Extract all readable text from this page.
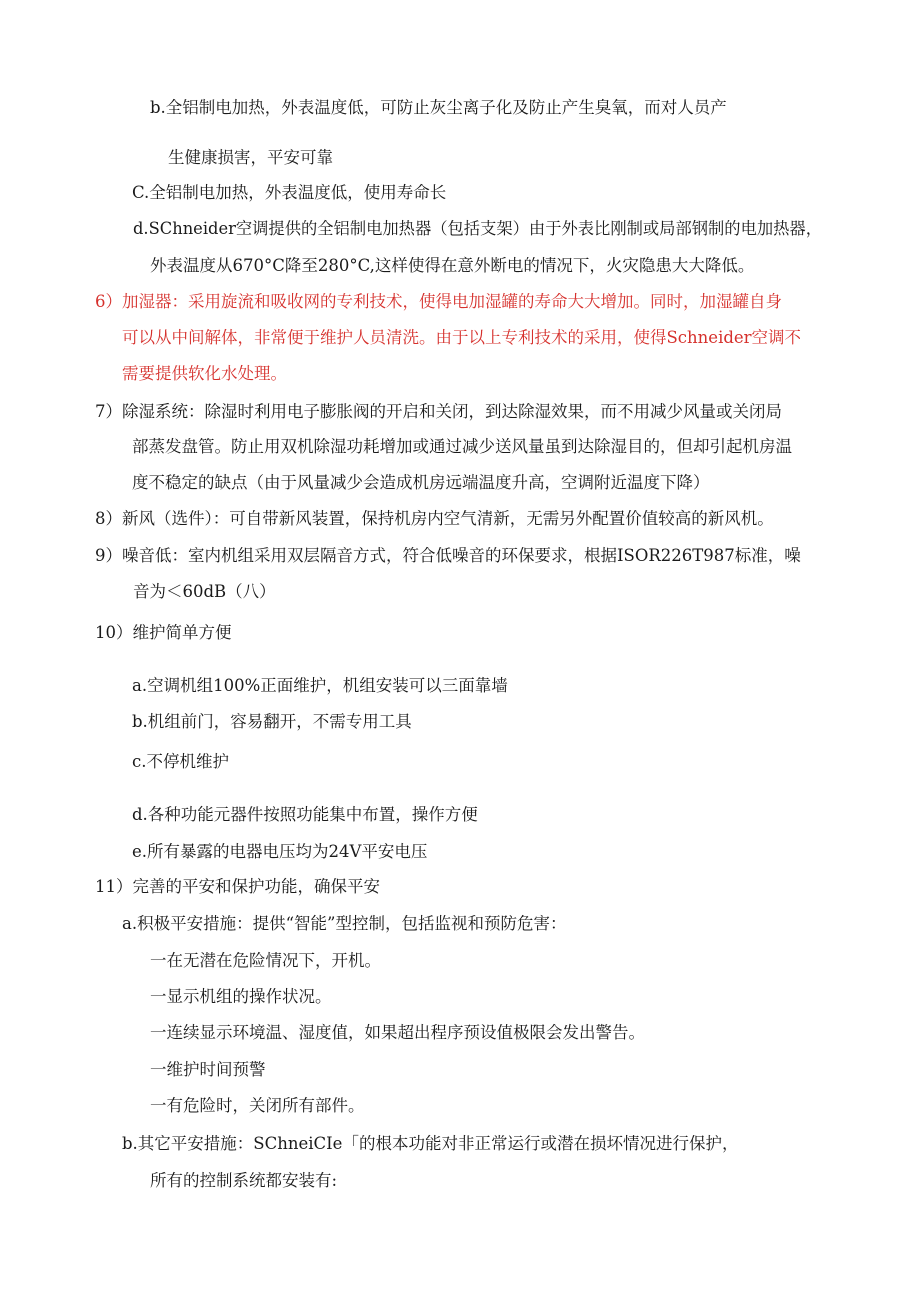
b.全铝制电加热，外表温度低，可防止灰尘离子化及防止产生臭氧，而对人员产
生健康损害，平安可靠
C.全铝制电加热，外表温度低，使用寿命长
d.SChneider空调提供的全铝制电加热器（包括支架）由于外表比刚制或局部钢制的电加热器，
外表温度从670°C降至280°C,这样使得在意外断电的情况下，火灾隐患大大降低。
6）加湿器：采用旋流和吸收网的专利技术，使得电加湿罐的寿命大大增加。同时，加湿罐自身
可以从中间解体，非常便于维护人员清洗。由于以上专利技术的采用，使得Schneider空调不
需要提供软化水处理。
7）除湿系统：除湿时利用电子膨胀阀的开启和关闭，到达除湿效果，而不用减少风量或关闭局
部蒸发盘管。防止用双机除湿功耗增加或通过减少送风量虽到达除湿目的，但却引起机房温
度不稳定的缺点（由于风量减少会造成机房远端温度升高，空调附近温度下降）
8）新风（选件）：可自带新风装置，保持机房内空气清新，无需另外配置价值较高的新风机。
9）噪音低：室内机组采用双层隔音方式，符合低噪音的环保要求，根据ISOR226T987标准，噪
音为＜60dB（八）
10）维护简单方便
a.空调机组100%正面维护，机组安装可以三面靠墙
b.机组前门，容易翻开，不需专用工具
c.不停机维护
d.各种功能元器件按照功能集中布置，操作方便
e.所有暴露的电器电压均为24V平安电压
11）完善的平安和保护功能，确保平安
a.积极平安措施：提供“智能”型控制，包括监视和预防危害：
一在无潜在危险情况下，开机。
一显示机组的操作状况。
一连续显示环境温、湿度值，如果超出程序预设值极限会发出警告。
一维护时间预警
一有危险时，关闭所有部件。
b.其它平安措施：SChneiCIe「的根本功能对非正常运行或潜在损坏情况进行保护，
所有的控制系统都安装有:
